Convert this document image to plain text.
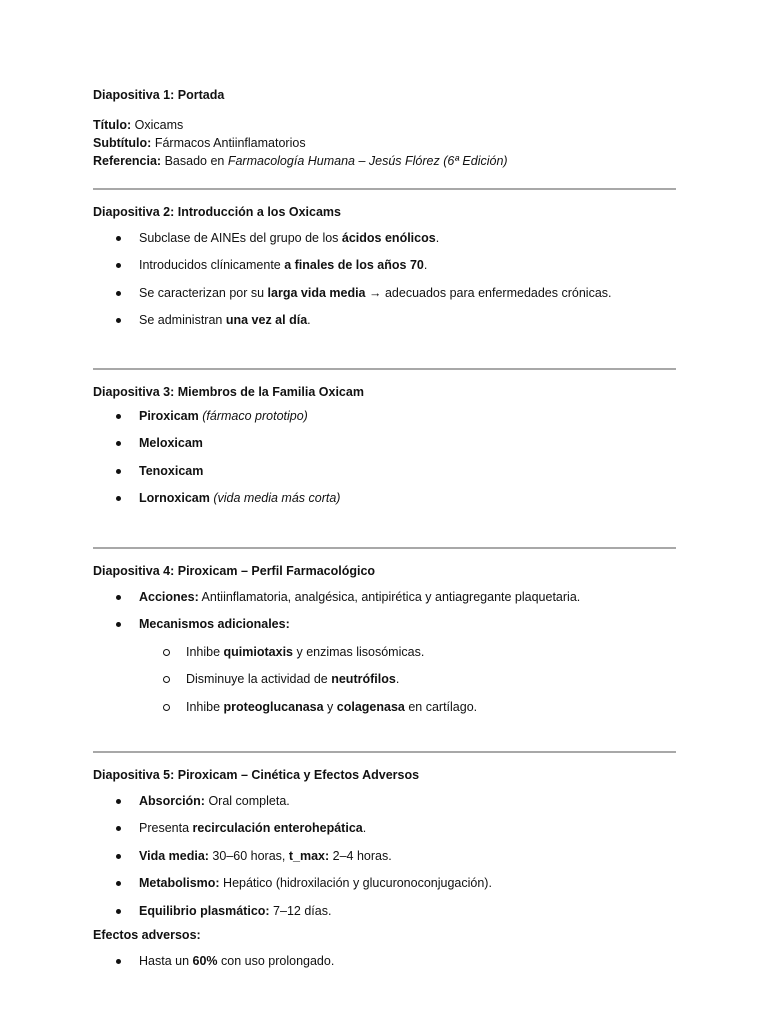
Diapositiva 1: Portada

Título: Oxicams

Subtítulo: Fármacos Antiinflamatorios

Referencia: Basado en Farmacología Humana – Jesús Flórez (6ª Edición)

Diapositiva 2: Introducción a los Oxicams

Subclase de AINEs del grupo de los ácidos enólicos.
Introducidos clínicamente a finales de los años 70.
Se caracterizan por su larga vida media → adecuados para enfermedades crónicas.
Se administran una vez al día.

Diapositiva 3: Miembros de la Familia Oxicam

Piroxicam (fármaco prototipo)
Meloxicam
Tenoxicam
Lornoxicam (vida media más corta)

Diapositiva 4: Piroxicam – Perfil Farmacológico

Acciones: Antiinflamatoria, analgésica, antipirética y antiagregante plaquetaria.
Mecanismos adicionales:
Inhibe quimiotaxis y enzimas lisosómicas.
Disminuye la actividad de neutrófilos.
Inhibe proteoglucanasa y colagenasa en cartílago.

Diapositiva 5: Piroxicam – Cinética y Efectos Adversos

Absorción: Oral completa.
Presenta recirculación enterohepática.
Vida media: 30–60 horas, t_max: 2–4 horas.
Metabolismo: Hepático (hidroxilación y glucuronoconjugación).
Equilibrio plasmático: 7–12 días.

Efectos adversos:

Hasta un 60% con uso prolongado.
